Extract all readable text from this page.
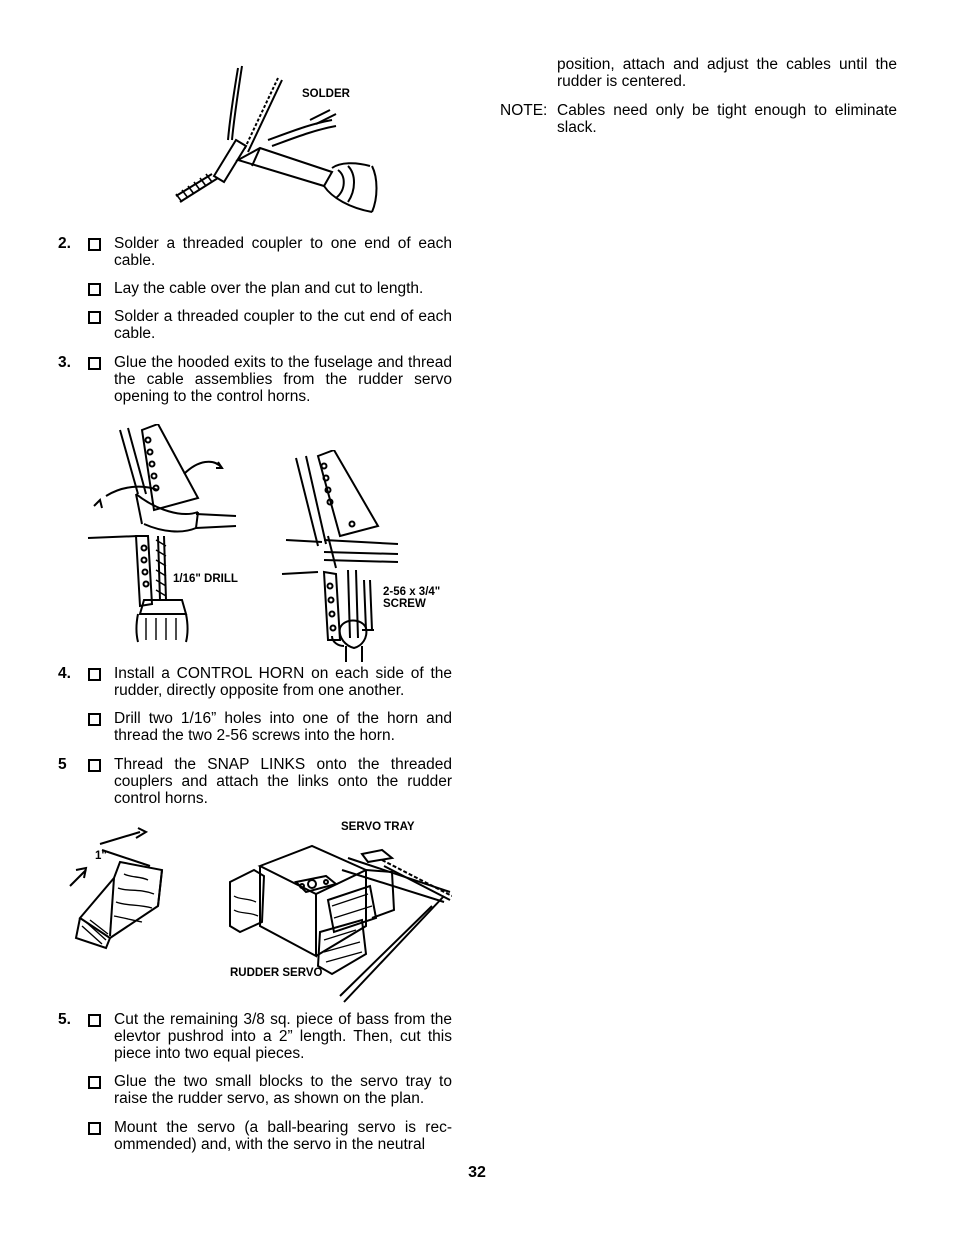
SOLDER
2.	Solder a threaded coupler to one end of each cable.
Lay the cable over the plan and cut to length.
Solder a threaded coupler to the cut end of each cable.
3.	Glue the hooded exits to the fuselage and thread the cable assemblies from the rudder servo opening to the control horns.
4.	Install a CONTROL HORN on each side of the rudder, directly opposite from one another.
Drill two 1/16” holes into one of the horn and thread the two 2-56 screws into the horn.
5	Thread the SNAP LINKS onto the threaded couplers and attach the links onto the rudder control horns.
5.	Cut the remaining 3/8 sq. piece of bass from the elevtor pushrod into a 2” length. Then, cut this piece into two equal pieces.
Glue the two small blocks to the servo tray to raise the rudder servo, as shown on the plan.
Mount the servo (a ball-bearing servo is rec-ommended) and, with the servo in the neutral
1/16" DRILL
2-56 x 3/4"
SCREW
1"
SERVO TRAY
RUDDER SERVO
position, attach and adjust the cables until the rudder is centered.
NOTE: Cables need only be tight enough to eliminate slack.
32
